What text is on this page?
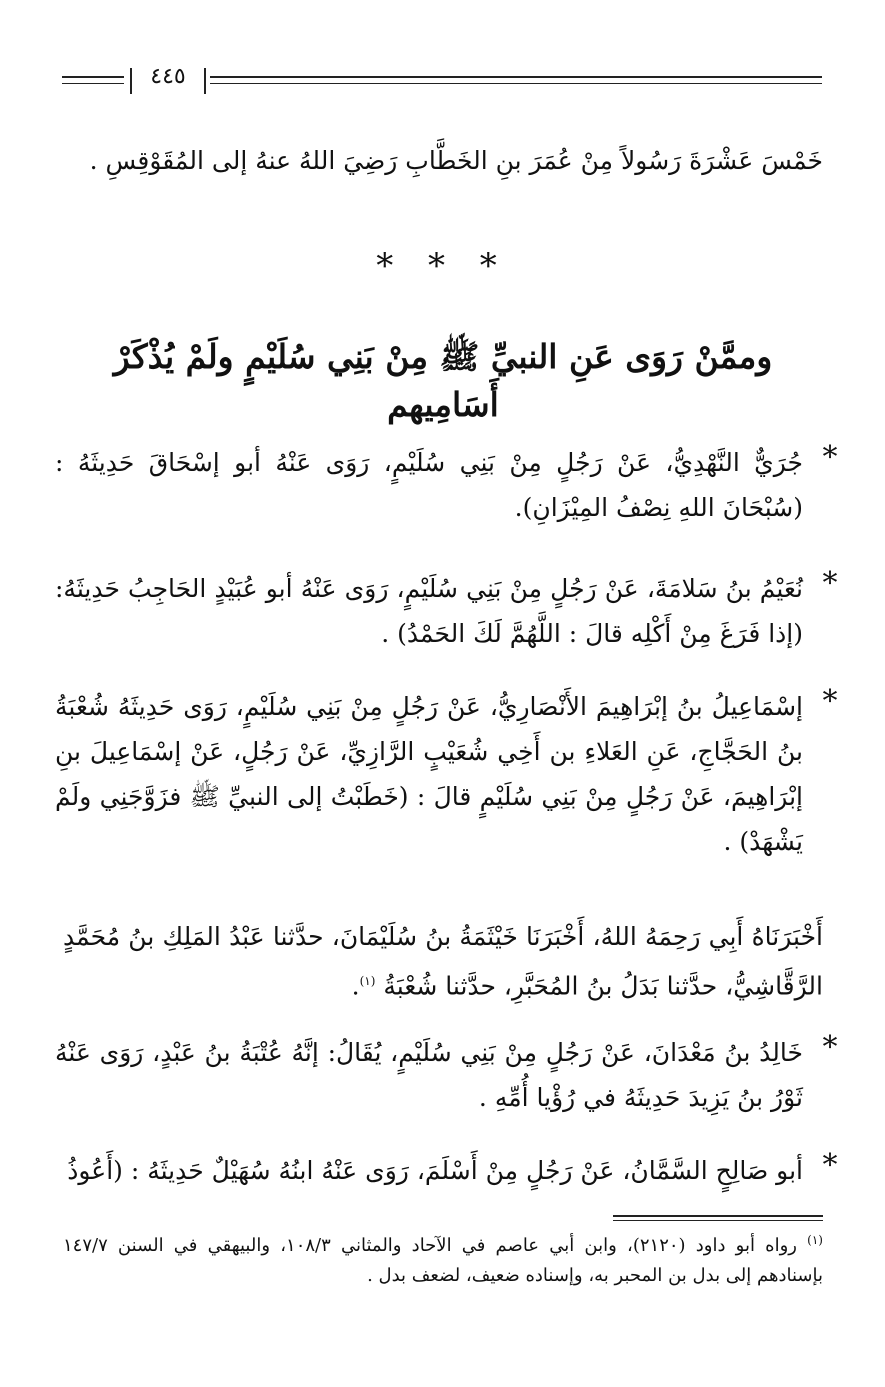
٤٤٥
خَمْسَ عَشْرَةَ رَسُولاً مِنْ عُمَرَ بنِ الخَطَّابِ رَضِيَ اللهُ عنهُ إلى المُقَوْقِسِ .
* * *
وممَّنْ رَوَى عَنِ النبيِّ ﷺ مِنْ بَنِي سُلَيْمٍ ولَمْ يُذْكَرْ أَسَامِيهم
*
جُرَيٌّ النَّهْدِيُّ، عَنْ رَجُلٍ مِنْ بَنِي سُلَيْمٍ، رَوَى عَنْهُ أبو إسْحَاقَ حَدِيثَهُ : (سُبْحَانَ اللهِ نِصْفُ المِيْزَانِ).
*
نُعَيْمُ بنُ سَلامَةَ، عَنْ رَجُلٍ مِنْ بَنِي سُلَيْمٍ، رَوَى عَنْهُ أبو عُبَيْدٍ الحَاجِبُ حَدِيثَهُ: (إذا فَرَغَ مِنْ أَكْلِه قالَ : اللَّهُمَّ لَكَ الحَمْدُ) .
*
إسْمَاعِيلُ بنُ إبْرَاهِيمَ الأَنْصَارِيُّ، عَنْ رَجُلٍ مِنْ بَنِي سُلَيْمٍ، رَوَى حَدِيثَهُ شُعْبَةُ بنُ الحَجَّاجِ، عَنِ العَلاءِ بن أَخِي شُعَيْبٍ الرَّازِيِّ، عَنْ رَجُلٍ، عَنْ إسْمَاعِيلَ بنِ إبْرَاهِيمَ، عَنْ رَجُلٍ مِنْ بَنِي سُلَيْمٍ قالَ : (خَطَبْتُ إلى النبيِّ ﷺ فزَوَّجَنِي ولَمْ يَشْهَدْ) .
أَخْبَرَنَاهُ أَبِي رَحِمَهُ اللهُ، أَخْبَرَنَا خَيْثَمَةُ بنُ سُلَيْمَانَ، حدَّثنا عَبْدُ المَلِكِ بنُ مُحَمَّدٍ الرَّقَّاشِيُّ، حدَّثنا بَدَلُ بنُ المُحَبَّرِ، حدَّثنا شُعْبَةُ $^{(١)}$.
*
خَالِدُ بنُ مَعْدَانَ، عَنْ رَجُلٍ مِنْ بَنِي سُلَيْمٍ، يُقَالُ: إنَّهُ عُتْبَةُ بنُ عَبْدٍ، رَوَى عَنْهُ ثَوْرُ بنُ يَزِيدَ حَدِيثَهُ في رُؤْيا أُمِّهِ .
*
أبو صَالِحٍ السَّمَّانُ، عَنْ رَجُلٍ مِنْ أَسْلَمَ، رَوَى عَنْهُ ابنُهُ سُهَيْلٌ حَدِيثَهُ : (أَعُوذُ
$^{(١)}$ رواه أبو داود (٢١٢٠)، وابن أبي عاصم في الآحاد والمثاني ١٠٨/٣، والبيهقي في السنن ١٤٧/٧ بإسنادهم إلى بدل بن المحبر به، وإسناده ضعيف، لضعف بدل .
